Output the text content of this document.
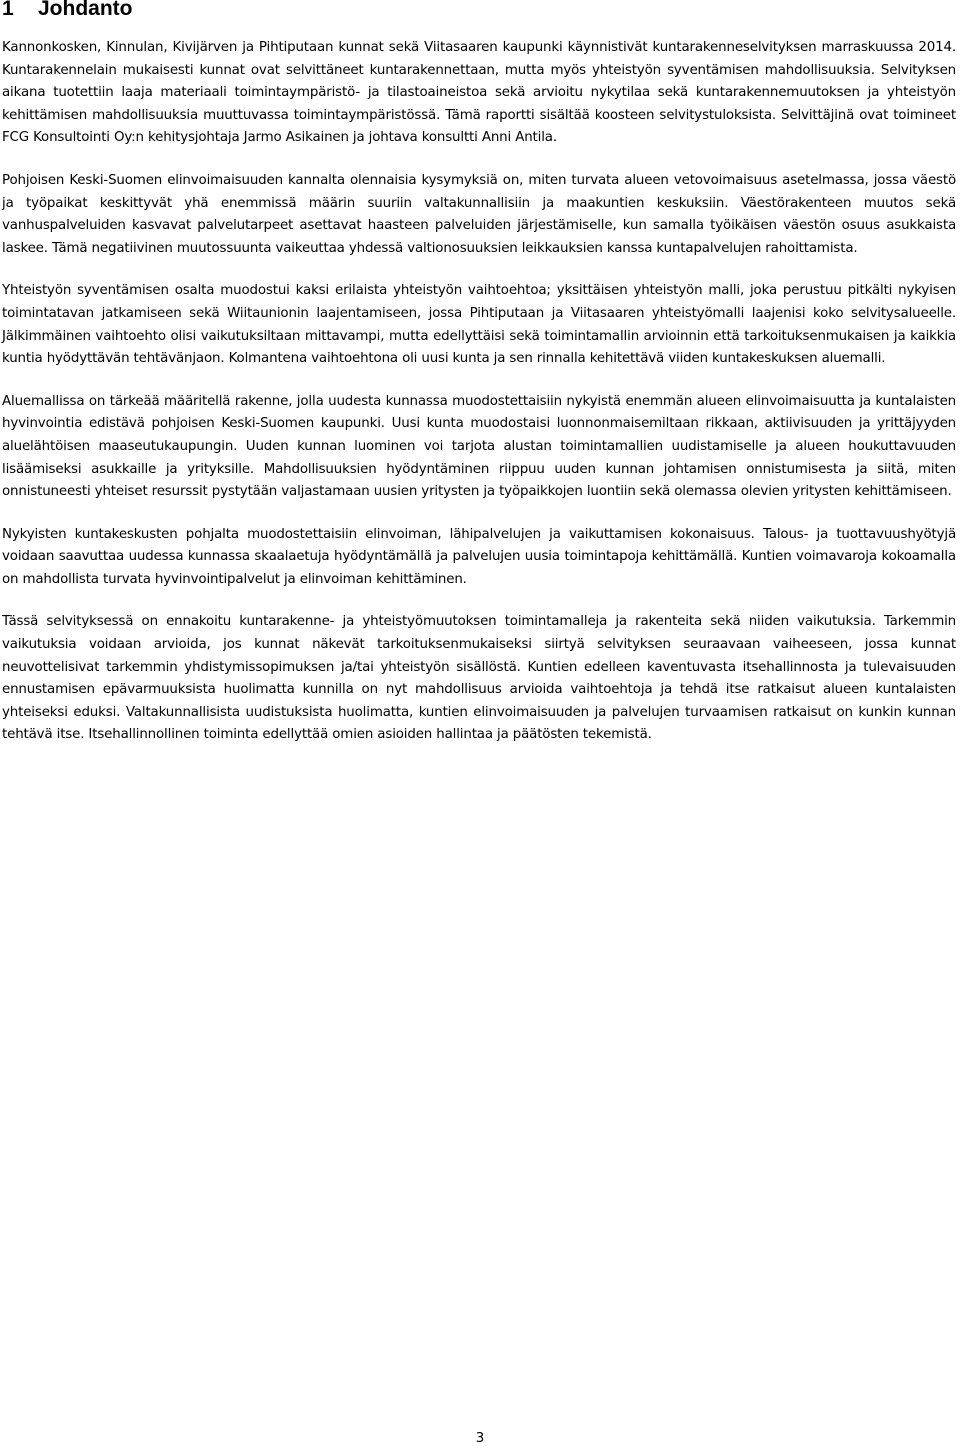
1 Johdanto

Kannonkosken, Kinnulan, Kivijärven ja Pihtiputaan kunnat sekä Viitasaaren kaupunki käynnistivät kuntarakenneselvityksen marraskuussa 2014. Kuntarakennelain mukaisesti kunnat ovat selvittäneet kuntarakennettaan, mutta myös yhteistyön syventämisen mahdollisuuksia. Selvityksen aikana tuotettiin laaja materiaali toimintaympäristö- ja tilastoaineistoa sekä arvioitu nykytilaa sekä kuntarakennemuutoksen ja yhteistyön kehittämisen mahdollisuuksia muuttuvassa toimintaympäristössä. Tämä raportti sisältää koosteen selvitystuloksista. Selvittäjinä ovat toimineet FCG Konsultointi Oy:n kehitysjohtaja Jarmo Asikainen ja johtava konsultti Anni Antila.

Pohjoisen Keski-Suomen elinvoimaisuuden kannalta olennaisia kysymyksiä on, miten turvata alueen vetovoimaisuus asetelmassa, jossa väestö ja työpaikat keskittyvät yhä enemmissä määrin suuriin valtakunnallisiin ja maakuntien keskuksiin. Väestörakenteen muutos sekä vanhuspalveluiden kasvavat palvelutarpeet asettavat haasteen palveluiden järjestämiselle, kun samalla työikäisen väestön osuus asukkaista laskee. Tämä negatiivinen muutossuunta vaikeuttaa yhdessä valtionosuuksien leikkauksien kanssa kuntapalvelujen rahoittamista.

Yhteistyön syventämisen osalta muodostui kaksi erilaista yhteistyön vaihtoehtoa; yksittäisen yhteistyön malli, joka perustuu pitkälti nykyisen toimintatavan jatkamiseen sekä Wiitaunionin laajentamiseen, jossa Pihtiputaan ja Viitasaaren yhteistyömalli laajenisi koko selvitysalueelle. Jälkimmäinen vaihtoehto olisi vaikutuksiltaan mittavampi, mutta edellyttäisi sekä toimintamallin arvioinnin että tarkoituksenmukaisen ja kaikkia kuntia hyödyttävän tehtävänjaon. Kolmantena vaihtoehtona oli uusi kunta ja sen rinnalla kehitettävä viiden kuntakeskuksen aluemalli.

Aluemallissa on tärkeää määritellä rakenne, jolla uudesta kunnassa muodostettaisiin nykyistä enemmän alueen elinvoimaisuutta ja kuntalaisten hyvinvointia edistävä pohjoisen Keski-Suomen kaupunki. Uusi kunta muodostaisi luonnonmaisemiltaan rikkaan, aktiivisuuden ja yrittäjyyden aluelähtöisen maaseutukaupungin. Uuden kunnan luominen voi tarjota alustan toimintamallien uudistamiselle ja alueen houkuttavuuden lisäämiseksi asukkaille ja yrityksille. Mahdollisuuksien hyödyntäminen riippuu uuden kunnan johtamisen onnistumisesta ja siitä, miten onnistuneesti yhteiset resurssit pystytään valjastamaan uusien yritysten ja työpaikkojen luontiin sekä olemassa olevien yritysten kehittämiseen.

Nykyisten kuntakeskusten pohjalta muodostettaisiin elinvoiman, lähipalvelujen ja vaikuttamisen kokonaisuus. Talous- ja tuottavuushyötyjä voidaan saavuttaa uudessa kunnassa skaalaetuja hyödyntämällä ja palvelujen uusia toimintapoja kehittämällä. Kuntien voimavaroja kokoamalla on mahdollista turvata hyvinvointipalvelut ja elinvoiman kehittäminen.

Tässä selvityksessä on ennakoitu kuntarakenne- ja yhteistyömuutoksen toimintamalleja ja rakenteita sekä niiden vaikutuksia. Tarkemmin vaikutuksia voidaan arvioida, jos kunnat näkevät tarkoituksenmukaiseksi siirtyä selvityksen seuraavaan vaiheeseen, jossa kunnat neuvottelisivat tarkemmin yhdistymissopimuksen ja/tai yhteistyön sisällöstä. Kuntien edelleen kaventuvasta itsehallinnosta ja tulevaisuuden ennustamisen epävarmuuksista huolimatta kunnilla on nyt mahdollisuus arvioida vaihtoehtoja ja tehdä itse ratkaisut alueen kuntalaisten yhteiseksi eduksi. Valtakunnallisista uudistuksista huolimatta, kuntien elinvoimaisuuden ja palvelujen turvaamisen ratkaisut on kunkin kunnan tehtävä itse. Itsehallinnollinen toiminta edellyttää omien asioiden hallintaa ja päätösten tekemistä.

3
